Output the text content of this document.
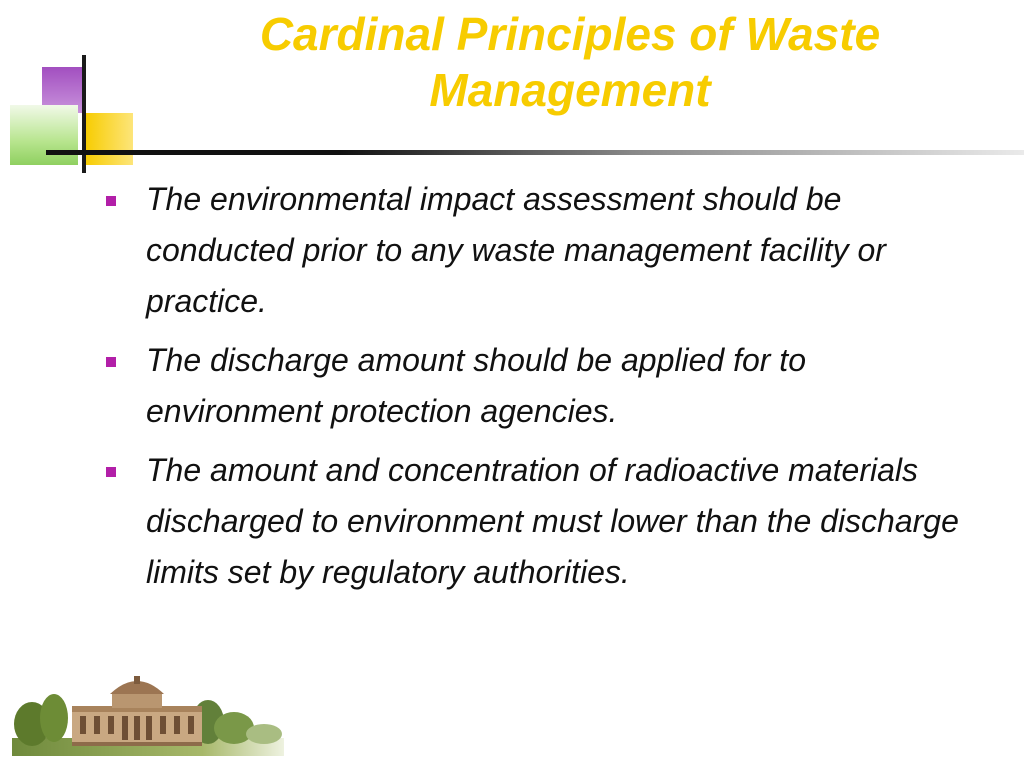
Cardinal Principles of Waste Management
The environmental impact assessment should be conducted prior to any waste management facility or practice.
The discharge amount should be applied for to environment protection agencies.
The amount and concentration of radioactive materials discharged to environment must lower than the discharge limits set by regulatory authorities.
